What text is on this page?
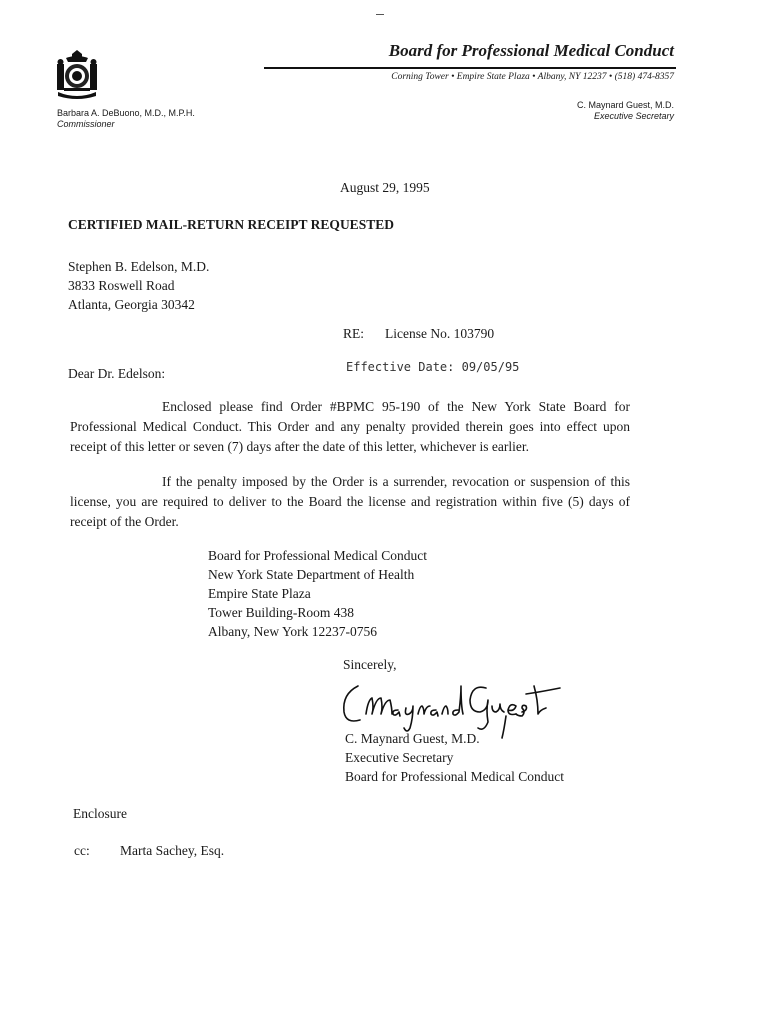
Board for Professional Medical Conduct
Corning Tower • Empire State Plaza • Albany, NY 12237 • (518) 474-8357
Barbara A. DeBuono, M.D., M.P.H.
Commissioner
C. Maynard Guest, M.D.
Executive Secretary
August 29, 1995
CERTIFIED MAIL-RETURN RECEIPT REQUESTED
Stephen B. Edelson, M.D.
3833 Roswell Road
Atlanta, Georgia 30342
RE: License No. 103790
Effective Date: 09/05/95
Dear Dr. Edelson:
Enclosed please find Order #BPMC 95-190 of the New York State Board for Professional Medical Conduct. This Order and any penalty provided therein goes into effect upon receipt of this letter or seven (7) days after the date of this letter, whichever is earlier.
If the penalty imposed by the Order is a surrender, revocation or suspension of this license, you are required to deliver to the Board the license and registration within five (5) days of receipt of the Order.
Board for Professional Medical Conduct
New York State Department of Health
Empire State Plaza
Tower Building-Room 438
Albany, New York 12237-0756
Sincerely,
C. Maynard Guest, M.D.
Executive Secretary
Board for Professional Medical Conduct
Enclosure
cc: Marta Sachey, Esq.
